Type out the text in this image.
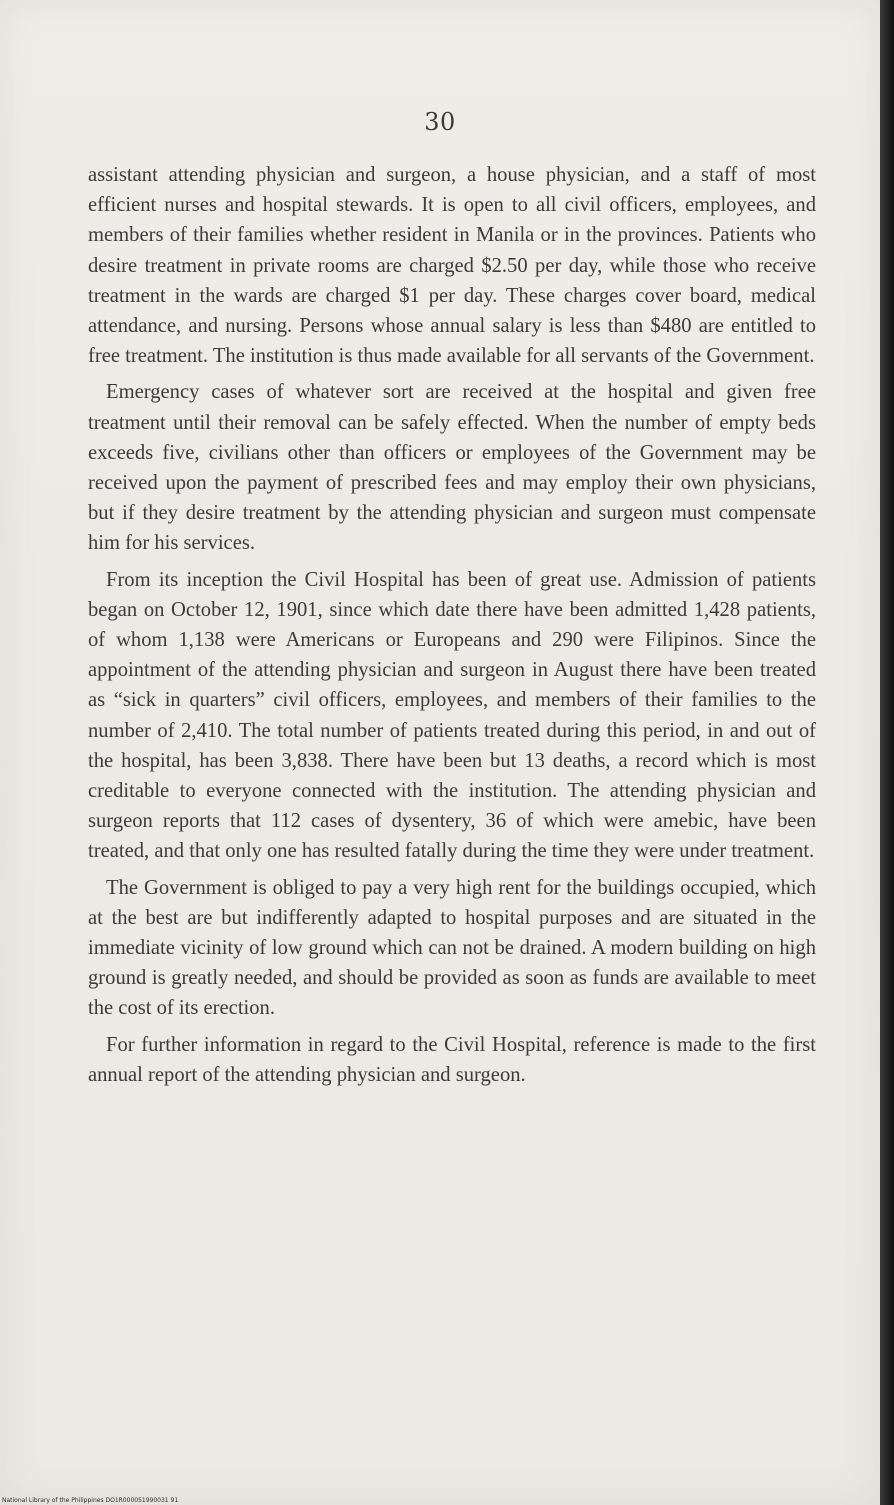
30

assistant attending physician and surgeon, a house physician, and a staff of most efficient nurses and hospital stewards. It is open to all civil officers, employees, and members of their families whether resident in Manila or in the provinces. Patients who desire treatment in private rooms are charged $2.50 per day, while those who receive treatment in the wards are charged $1 per day. These charges cover board, medical attendance, and nursing. Persons whose annual salary is less than $480 are entitled to free treatment. The institution is thus made available for all servants of the Government.

Emergency cases of whatever sort are received at the hospital and given free treatment until their removal can be safely effected. When the number of empty beds exceeds five, civilians other than officers or employees of the Government may be received upon the payment of prescribed fees and may employ their own physicians, but if they desire treatment by the attending physician and surgeon must compensate him for his services.

From its inception the Civil Hospital has been of great use. Admission of patients began on October 12, 1901, since which date there have been admitted 1,428 patients, of whom 1,138 were Americans or Europeans and 290 were Filipinos. Since the appointment of the attending physician and surgeon in August there have been treated as “sick in quarters” civil officers, employees, and members of their families to the number of 2,410. The total number of patients treated during this period, in and out of the hospital, has been 3,838. There have been but 13 deaths, a record which is most creditable to everyone connected with the institution. The attending physician and surgeon reports that 112 cases of dysentery, 36 of which were amebic, have been treated, and that only one has resulted fatally during the time they were under treatment.

The Government is obliged to pay a very high rent for the buildings occupied, which at the best are but indifferently adapted to hospital purposes and are situated in the immediate vicinity of low ground which can not be drained. A modern building on high ground is greatly needed, and should be provided as soon as funds are available to meet the cost of its erection.

For further information in regard to the Civil Hospital, reference is made to the first annual report of the attending physician and surgeon.

National Library of the Philippines DO1R000051990031 91
